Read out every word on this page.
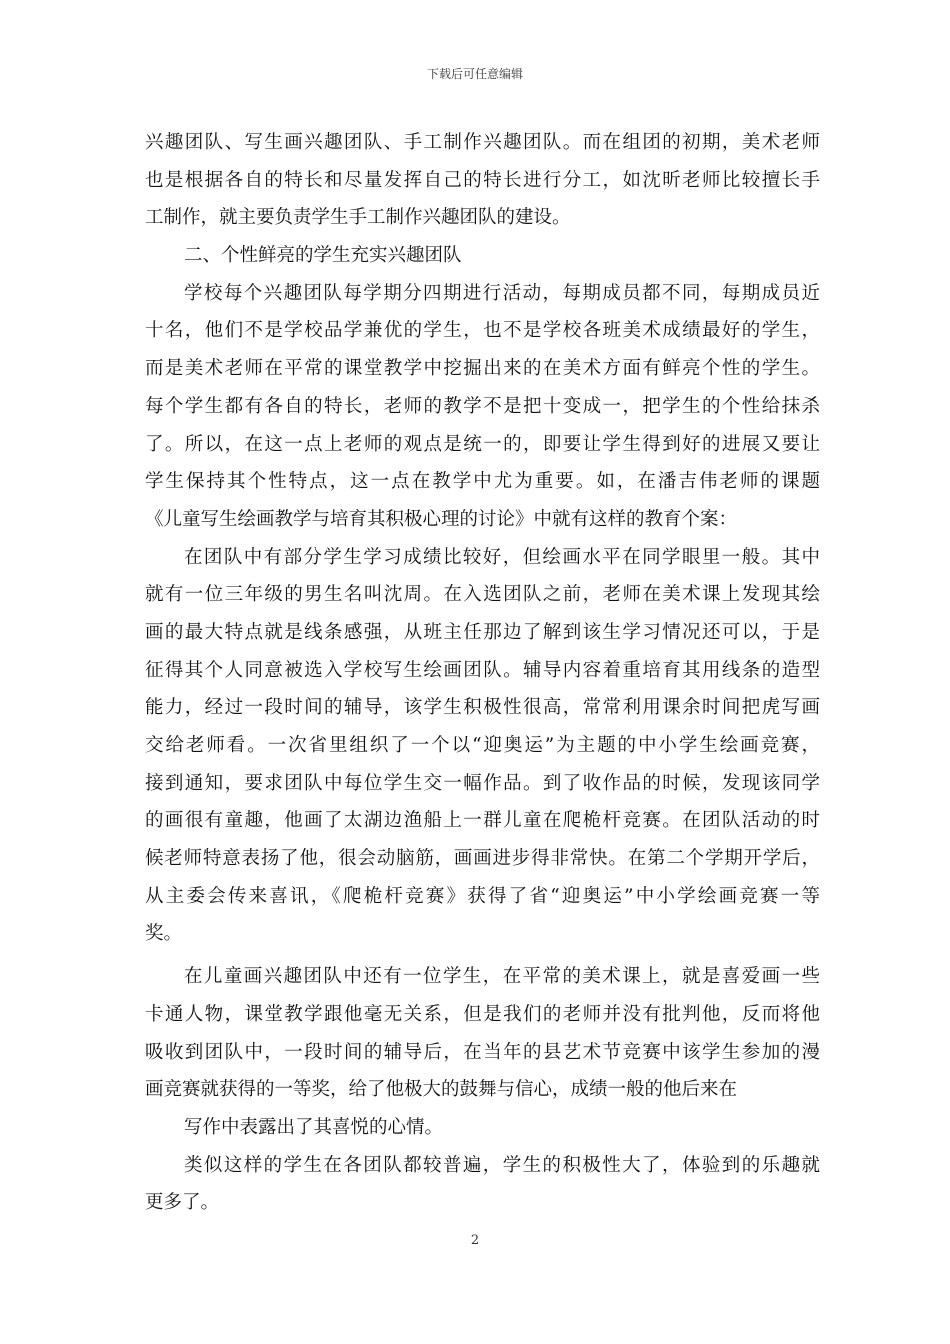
下载后可任意编辑
兴趣团队、写生画兴趣团队、手工制作兴趣团队。而在组团的初期，美术老师
也是根据各自的特长和尽量发挥自己的特长进行分工，如沈昕老师比较擅长手
工制作，就主要负责学生手工制作兴趣团队的建设。
二、个性鲜亮的学生充实兴趣团队
学校每个兴趣团队每学期分四期进行活动，每期成员都不同，每期成员近
十名，他们不是学校品学兼优的学生，也不是学校各班美术成绩最好的学生，
而是美术老师在平常的课堂教学中挖掘出来的在美术方面有鲜亮个性的学生。
每个学生都有各自的特长，老师的教学不是把十变成一，把学生的个性给抹杀
了。所以，在这一点上老师的观点是统一的，即要让学生得到好的进展又要让
学生保持其个性特点，这一点在教学中尤为重要。如，在潘吉伟老师的课题
《儿童写生绘画教学与培育其积极心理的讨论》中就有这样的教育个案：
在团队中有部分学生学习成绩比较好，但绘画水平在同学眼里一般。其中
就有一位三年级的男生名叫沈周。在入选团队之前，老师在美术课上发现其绘
画的最大特点就是线条感强，从班主任那边了解到该生学习情况还可以，于是
征得其个人同意被选入学校写生绘画团队。辅导内容着重培育其用线条的造型
能力，经过一段时间的辅导，该学生积极性很高，常常利用课余时间把虎写画
交给老师看。一次省里组织了一个以“迎奥运”为主题的中小学生绘画竞赛，
接到通知，要求团队中每位学生交一幅作品。到了收作品的时候，发现该同学
的画很有童趣，他画了太湖边渔船上一群儿童在爬桅杆竞赛。在团队活动的时
候老师特意表扬了他，很会动脑筋，画画进步得非常快。在第二个学期开学后，
从主委会传来喜讯，《爬桅杆竞赛》获得了省“迎奥运”中小学绘画竞赛一等
奖。
在儿童画兴趣团队中还有一位学生，在平常的美术课上，就是喜爱画一些
卡通人物，课堂教学跟他毫无关系，但是我们的老师并没有批判他，反而将他
吸收到团队中，一段时间的辅导后，在当年的县艺术节竞赛中该学生参加的漫
画竞赛就获得的一等奖，给了他极大的鼓舞与信心，成绩一般的他后来在
写作中表露出了其喜悦的心情。
类似这样的学生在各团队都较普遍，学生的积极性大了，体验到的乐趣就
更多了。
2
